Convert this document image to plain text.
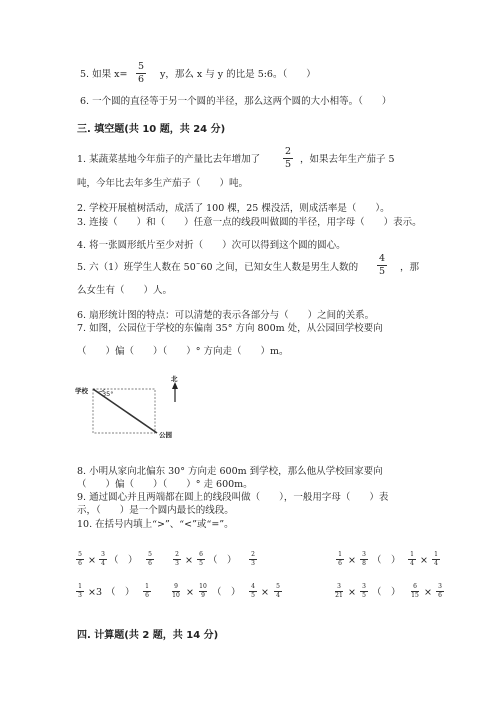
5. 如果 x=
5
6 y，那么 x 与 y 的比是 5:6。（　　）
6. 一个圆的直径等于另一个圆的半径，那么这两个圆的大小相等。（　　）
三. 填空题(共 10 题，共 24 分)
1. 某蔬菜基地今年茄子的产量比去年增加了
2
5 ，如果去年生产茄子 5
吨，今年比去年多生产茄子（　　）吨。
2. 学校开展植树活动，成活了 100 棵，25 棵没活，则成活率是（　　）。
3. 连接（　　）和（　　）任意一点的线段叫做圆的半径，用字母（　　）表示。
4. 将一张圆形纸片至少对折（　　）次可以得到这个圆的圆心。
5. 六（1）班学生人数在 50˜60 之间，已知女生人数是男生人数的
4
5 ，那
么女生有（　　）人。
6. 扇形统计图的特点：可以清楚的表示各部分与（　　）之间的关系。
7. 如图，公园位于学校的东偏南 35° 方向 800m 处，从公园回学校要向
（　　）偏（　　）（　　）° 方向走（　　）m。
学校 35°
公园
北
8. 小明从家向北偏东 30° 方向走 600m 到学校，那么他从学校回家要向
（　　）偏（　　）（　　）° 走 600m。
9. 通过圆心并且两端都在圆上的线段叫做（　　），一般用字母（　　）表
示，（　　）是一个圆内最长的线段。
10. 在括号内填上“>”、“<”或“=”。
5
6 ×
3
4 （　）
5
6
2
3 ×
6
5 （　）
2
3
1
6 ×
3
8 （　）
1
4 ×
1
4
1
3 ×3 （　）
1
6
9
10 ×
10
9 （　）
4
5 ×
5
4
3
21 ×
3
5 （　）
6
15 ×
3
6
四. 计算题(共 2 题，共 14 分)
